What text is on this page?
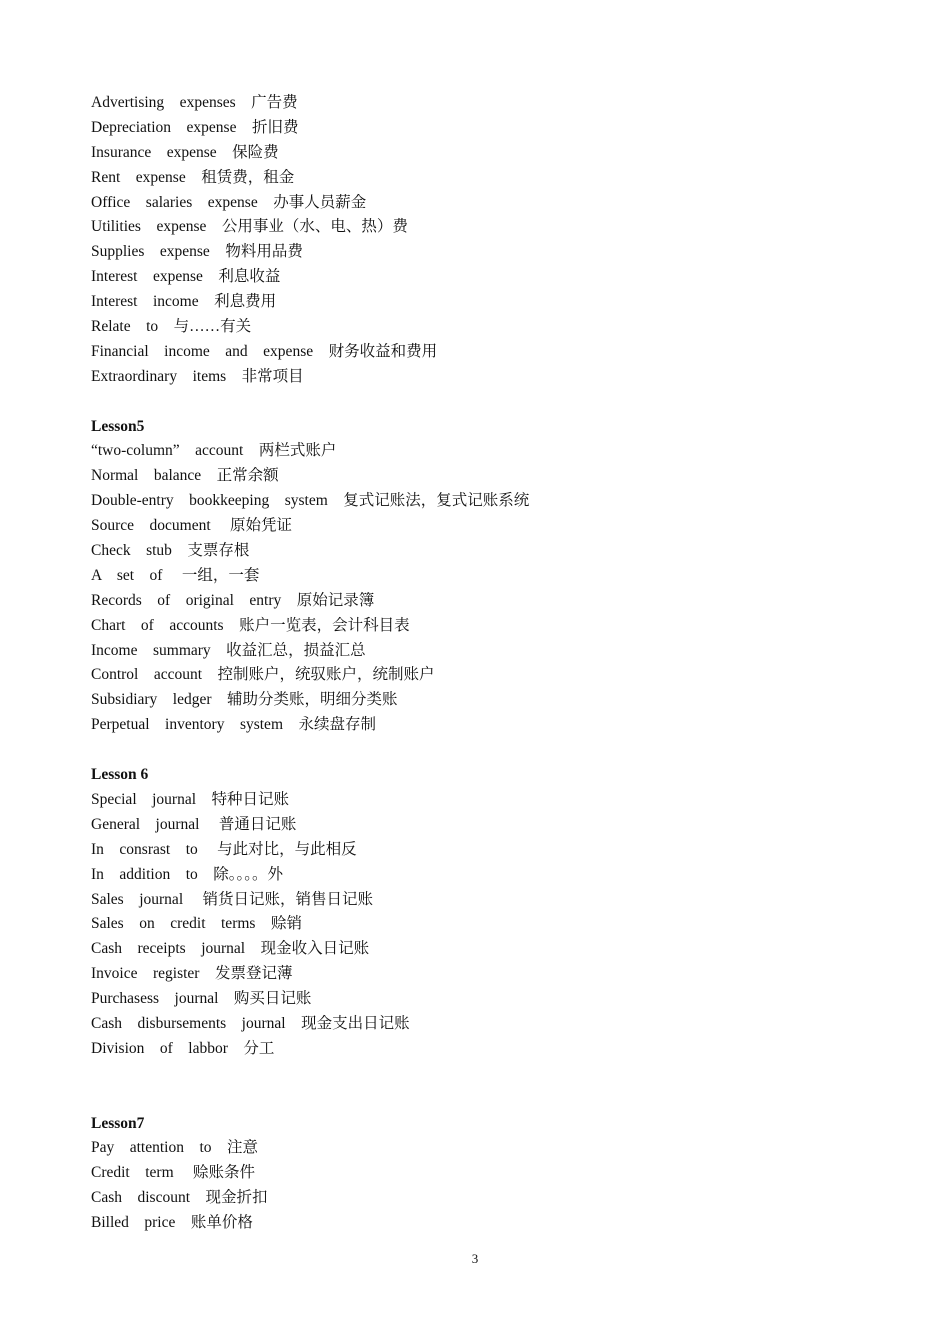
Advertising    expenses    广告费
Depreciation    expense    折旧费
Insurance    expense    保险费
Rent    expense    租赁费，租金
Office    salaries    expense    办事人员薪金
Utilities    expense    公用事业（水、电、热）费
Supplies    expense    物料用品费
Interest    expense    利息收益
Interest    income    利息费用
Relate    to    与……有关
Financial    income    and    expense    财务收益和费用
Extraordinary    items    非常项目
Lesson5
“two-column”    account    两栏式账户
Normal    balance    正常余额
Double-entry    bookkeeping    system    复式记账法，复式记账系统
Source    document     原始凭证
Check    stub    支票存根
A    set    of     一组，一套
Records    of    original    entry    原始记录簿
Chart    of    accounts    账户一览表，会计科目表
Income    summary    收益汇总，损益汇总
Control    account    控制账户，统驭账户，统制账户
Subsidiary    ledger    辅助分类账，明细分类账
Perpetual    inventory    system    永续盘存制
Lesson 6
Special    journal    特种日记账
General    journal     普通日记账
In    consrast    to     与此对比，与此相反
In    addition    to    除。。。。外
Sales    journal     销货日记账，销售日记账
Sales    on    credit    terms    赊销
Cash    receipts    journal    现金收入日记账
Invoice    register    发票登记薄
Purchasess    journal    购买日记账
Cash    disbursements    journal    现金支出日记账
Division    of    labbor    分工
Lesson7
Pay    attention    to    注意
Credit    term     赊账条件
Cash    discount    现金折扣
Billed    price    账单价格
3
